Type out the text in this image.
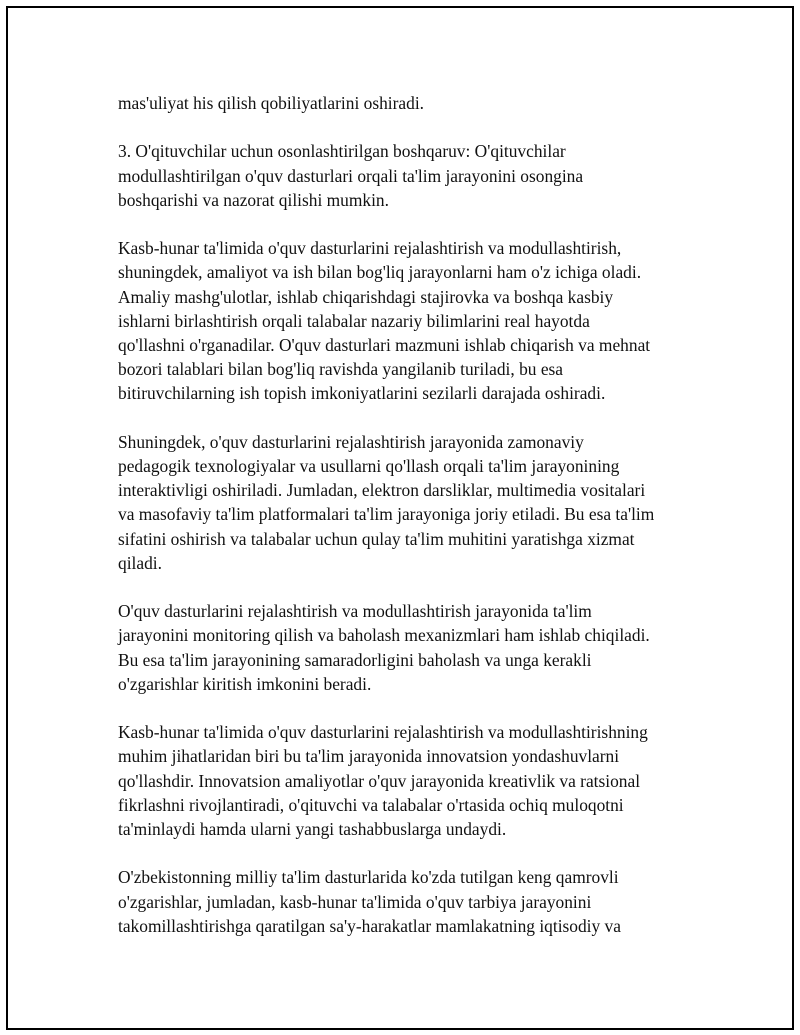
mas'uliyat his qilish qobiliyatlarini oshiradi.

3. O'qituvchilar uchun osonlashtirilgan boshqaruv: O'qituvchilar
modullashtirilgan o'quv dasturlari orqali ta'lim jarayonini osongina
boshqarishi va nazorat qilishi mumkin.

Kasb-hunar ta'limida o'quv dasturlarini rejalashtirish va modullashtirish,
shuningdek, amaliyot va ish bilan bog'liq jarayonlarni ham o'z ichiga oladi.
Amaliy mashg'ulotlar, ishlab chiqarishdagi stajirovka va boshqa kasbiy
ishlarni birlashtirish orqali talabalar nazariy bilimlarini real hayotda
qo'llashni o'rganadilar. O'quv dasturlari mazmuni ishlab chiqarish va mehnat
bozori talablari bilan bog'liq ravishda yangilanib turiladi, bu esa
bitiruvchilarning ish topish imkoniyatlarini sezilarli darajada oshiradi.

Shuningdek, o'quv dasturlarini rejalashtirish jarayonida zamonaviy
pedagogik texnologiyalar va usullarni qo'llash orqali ta'lim jarayonining
interaktivligi oshiriladi. Jumladan, elektron darsliklar, multimedia vositalari
va masofaviy ta'lim platformalari ta'lim jarayoniga joriy etiladi. Bu esa ta'lim
sifatini oshirish va talabalar uchun qulay ta'lim muhitini yaratishga xizmat
qiladi.

O'quv dasturlarini rejalashtirish va modullashtirish jarayonida ta'lim
jarayonini monitoring qilish va baholash mexanizmlari ham ishlab chiqiladi.
Bu esa ta'lim jarayonining samaradorligini baholash va unga kerakli
o'zgarishlar kiritish imkonini beradi.

Kasb-hunar ta'limida o'quv dasturlarini rejalashtirish va modullashtirishning
muhim jihatlaridan biri bu ta'lim jarayonida innovatsion yondashuvlarni
qo'llashdir. Innovatsion amaliyotlar o'quv jarayonida kreativlik va ratsional
fikrlashni rivojlantiradi, o'qituvchi va talabalar o'rtasida ochiq muloqotni
ta'minlaydi hamda ularni yangi tashabbuslarga undaydi.

O'zbekistonning milliy ta'lim dasturlarida ko'zda tutilgan keng qamrovli
o'zgarishlar, jumladan, kasb-hunar ta'limida o'quv tarbiya jarayonini
takomillashtirishga qaratilgan sa'y-harakatlar mamlakatning iqtisodiy va
